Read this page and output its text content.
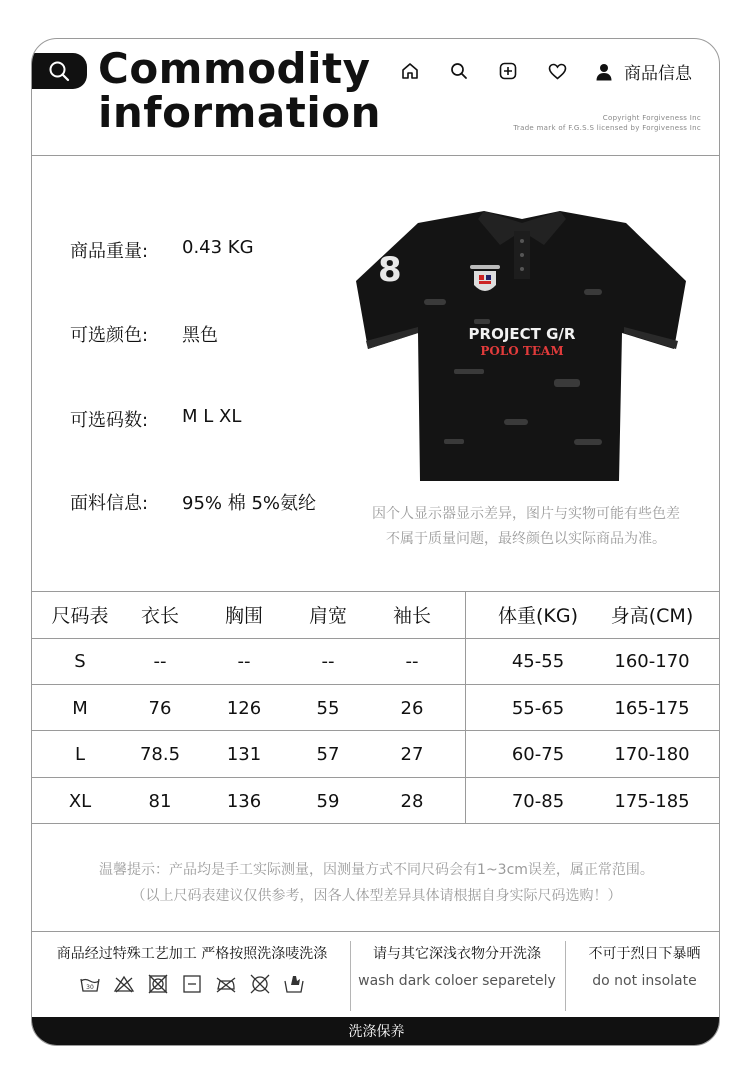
Commodity
information
商品信息
Copyright Forgiveness Inc
Trade mark of F.G.S.S licensed by Forgiveness Inc
商品重量:	0.43 KG
可选颜色:	黑色
可选码数:	M L XL
面料信息:	95% 棉 5%氨纶
8
PROJECT G/R
POLO TEAM
因个人显示器显示差异，图片与实物可能有些色差
不属于质量问题，最终颜色以实际商品为准。
尺码表	衣长	胸围	肩宽	袖长	体重(KG) 身高(CM)
S	--	--	--	--	45-55	160-170
M	76	126	55	26	55-65	165-175
L	78.5	131	57	27	60-75	170-180
XL	81	136	59	28	70-85	175-185
温馨提示：产品均是手工实际测量，因测量方式不同尺码会有1~3cm误差，属正常范围。
（以上尺码表建议仅供参考，因各人体型差异具体请根据自身实际尺码选购！）
商品经过特殊工艺加工 严格按照洗涤唛洗涤
30
请与其它深浅衣物分开洗涤
wash dark coloer separetely
不可于烈日下暴晒
do not insolate
洗涤保养
